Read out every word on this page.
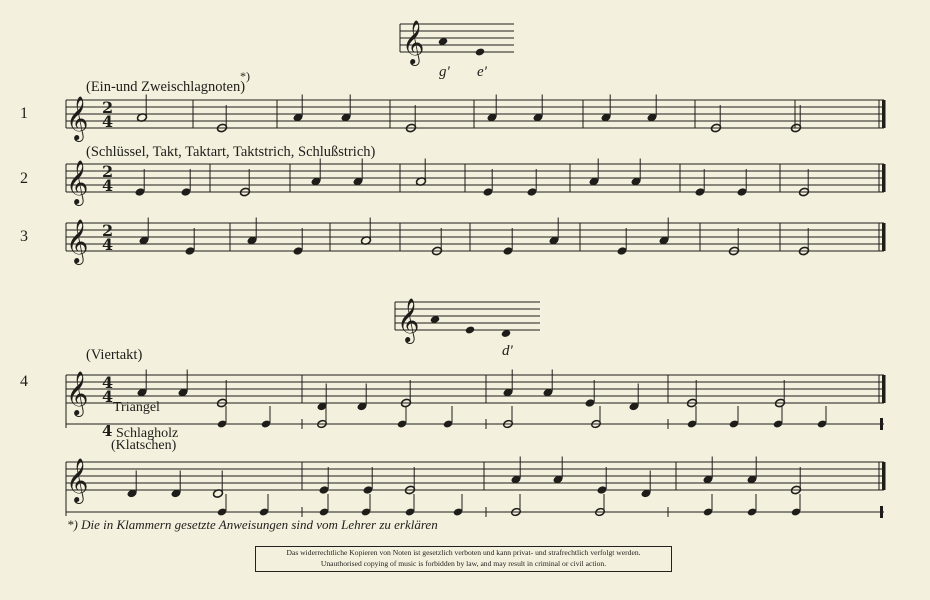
𝄞 2
4
𝄞 2
4
𝄞 2
4
𝄞 4
4
𝄞
4
𝄞
𝄞
g' e'
d'
1
2
3
4
(Ein-und Zweischlagnoten)
*)
(Schlüssel, Takt, Taktart, Taktstrich, Schlußstrich)
(Viertakt)
Triangel
Schlagholz
(Klatschen)
*) Die in Klammern gesetzte Anweisungen sind vom Lehrer zu erklären
Das widerrechtliche Kopieren von Noten ist gesetzlich verboten und kann privat- und strafrechtlich verfolgt werden.
Unauthorised copying of music is forbidden by law, and may result in criminal or civil action.
